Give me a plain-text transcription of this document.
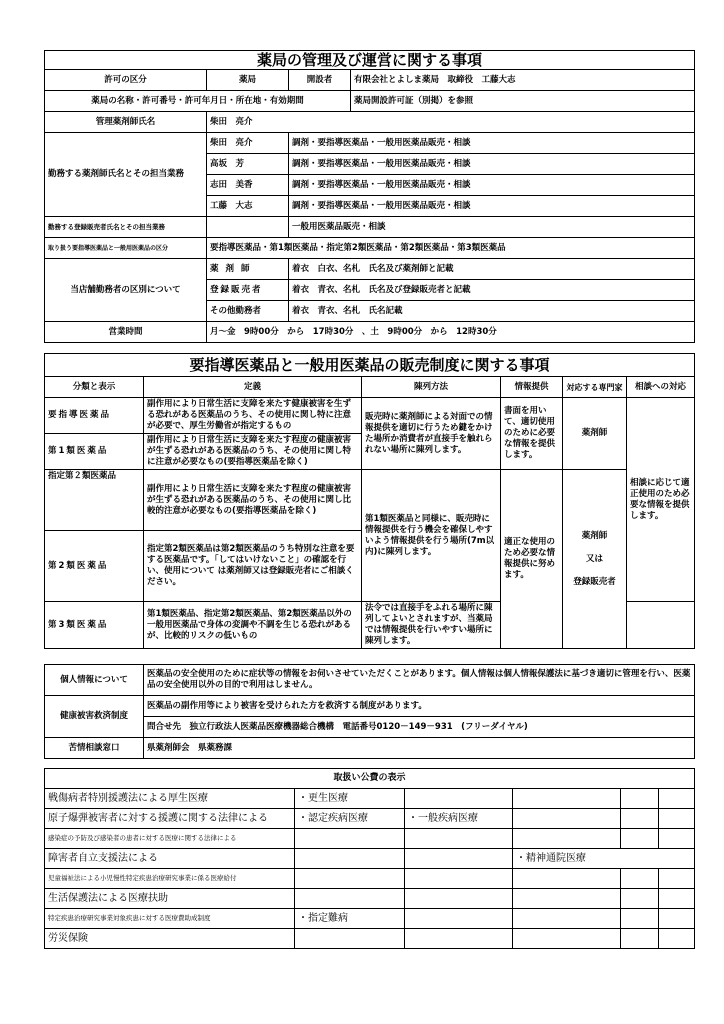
薬局の管理及び運営に関する事項			
許可の区分	薬局	開設者	有限会社とよしま薬局　取締役　工藤大志
薬局の名称・許可番号・許可年月日・所在地・有効期間			薬局開設許可証（別掲）を参照
管理薬剤師氏名	柴田　亮介		
勤務する薬剤師氏名とその担当業務	柴田　亮介	調剤・要指導医薬品・一般用医薬品販売・相談	
	高坂　芳	調剤・要指導医薬品・一般用医薬品販売・相談	
	志田　美香	調剤・要指導医薬品・一般用医薬品販売・相談	
	工藤　大志	調剤・要指導医薬品・一般用医薬品販売・相談	
勤務する登録販売者氏名とその担当業務		一般用医薬品販売・相談	
取り扱う要指導医薬品と一般用医薬品の区分	要指導医薬品・第1類医薬品・指定第2類医薬品・第2類医薬品・第3類医薬品		
当店舗勤務者の区別について	薬剤師	着衣　白衣、名札　氏名及び薬剤師と記載	
	登録販売者	着衣　青衣、名札　氏名及び登録販売者と記載	
	その他勤務者	着衣　青衣、名札　氏名記載	
営業時間	月～金　9時00分　から　17時30分　、土　9時00分　から　12時30分		
要指導医薬品と一般用医薬品の販売制度に関する事項					
分類と表示	定義	陳列方法	情報提供	対応する専門家	相談への対応
要指導医薬品	副作用により日常生活に支障を来たす健康被害を生ずる恐れがある医薬品のうち、その使用に関し特に注意が必要で、厚生労働省が指定するもの	販売時に薬剤師による対面での情報提供を適切に行うため鍵をかけた場所か消費者が直接手を触れられない場所に陳列します。	書面を用いて、適切使用のために必要な情報を提供します。	薬剤師	相談に応じて適正使用のため必要な情報を提供します。
第1類医薬品	副作用により日常生活に支障を来たす程度の健康被害が生ずる恐れがある医薬品のうち、その使用に関し特に注意が必要なもの(要指導医薬品を除く)				
指定第２類医薬品	副作用により日常生活に支障を来たす程度の健康被害が生ずる恐れがある医薬品のうち、その使用に関し比較的注意が必要なもの(要指導医薬品を除く)	第1類医薬品と同様に、販売時に情報提供を行う機会を確保しやすいよう情報提供を行う場所(7m以内)に陳列します。	適正な使用のため必要な情報提供に努めます。	薬剤師
又は
登録販売者	

第2類医薬品	指定第2類医薬品は第2類医薬品のうち特別な注意を要する医薬品です。「してはいけないこと」の確認を行い、使用について は薬剤師又は登録販売者にご相談ください。				
第3類医薬品	第1類医薬品、指定第2類医薬品、第2類医薬品以外の一般用医薬品で身体の変調や不調を生じる恐れがあるが、比較的リスクの低いもの	法令では直接手をふれる場所に陳列してよいとされますが、当薬局では情報提供を行いやすい場所に陳列します。			
個人情報について	医薬品の安全使用のために症状等の情報をお伺いさせていただくことがあります。個人情報は個人情報保護法に基づき適切に管理を行い、医薬品の安全使用以外の目的で利用はしません。
健康被害救済制度	医薬品の副作用等により被害を受けられた方を救済する制度があります。
	問合せ先　独立行政法人医薬品医療機器総合機構　電話番号0120－149－931　(フリーダイヤル)
苦情相談窓口	県薬剤師会　県薬務課
取扱い公費の表示					
戦傷病者特別援護法による厚生医療	・更生医療				
原子爆弾被害者に対する援護に関する法律による	・認定疾病医療	・一般疾病医療			
感染症の予防及び感染者の患者に対する医療に関する法律による					
障害者自立支援法による			・精神通院医療		
児童福祉法による小児慢性特定疾患治療研究事業に係る医療給付					
生活保護法による医療扶助					
特定疾患治療研究事業対象疾患に対する医療費助成制度	・指定難病				
労災保険					
